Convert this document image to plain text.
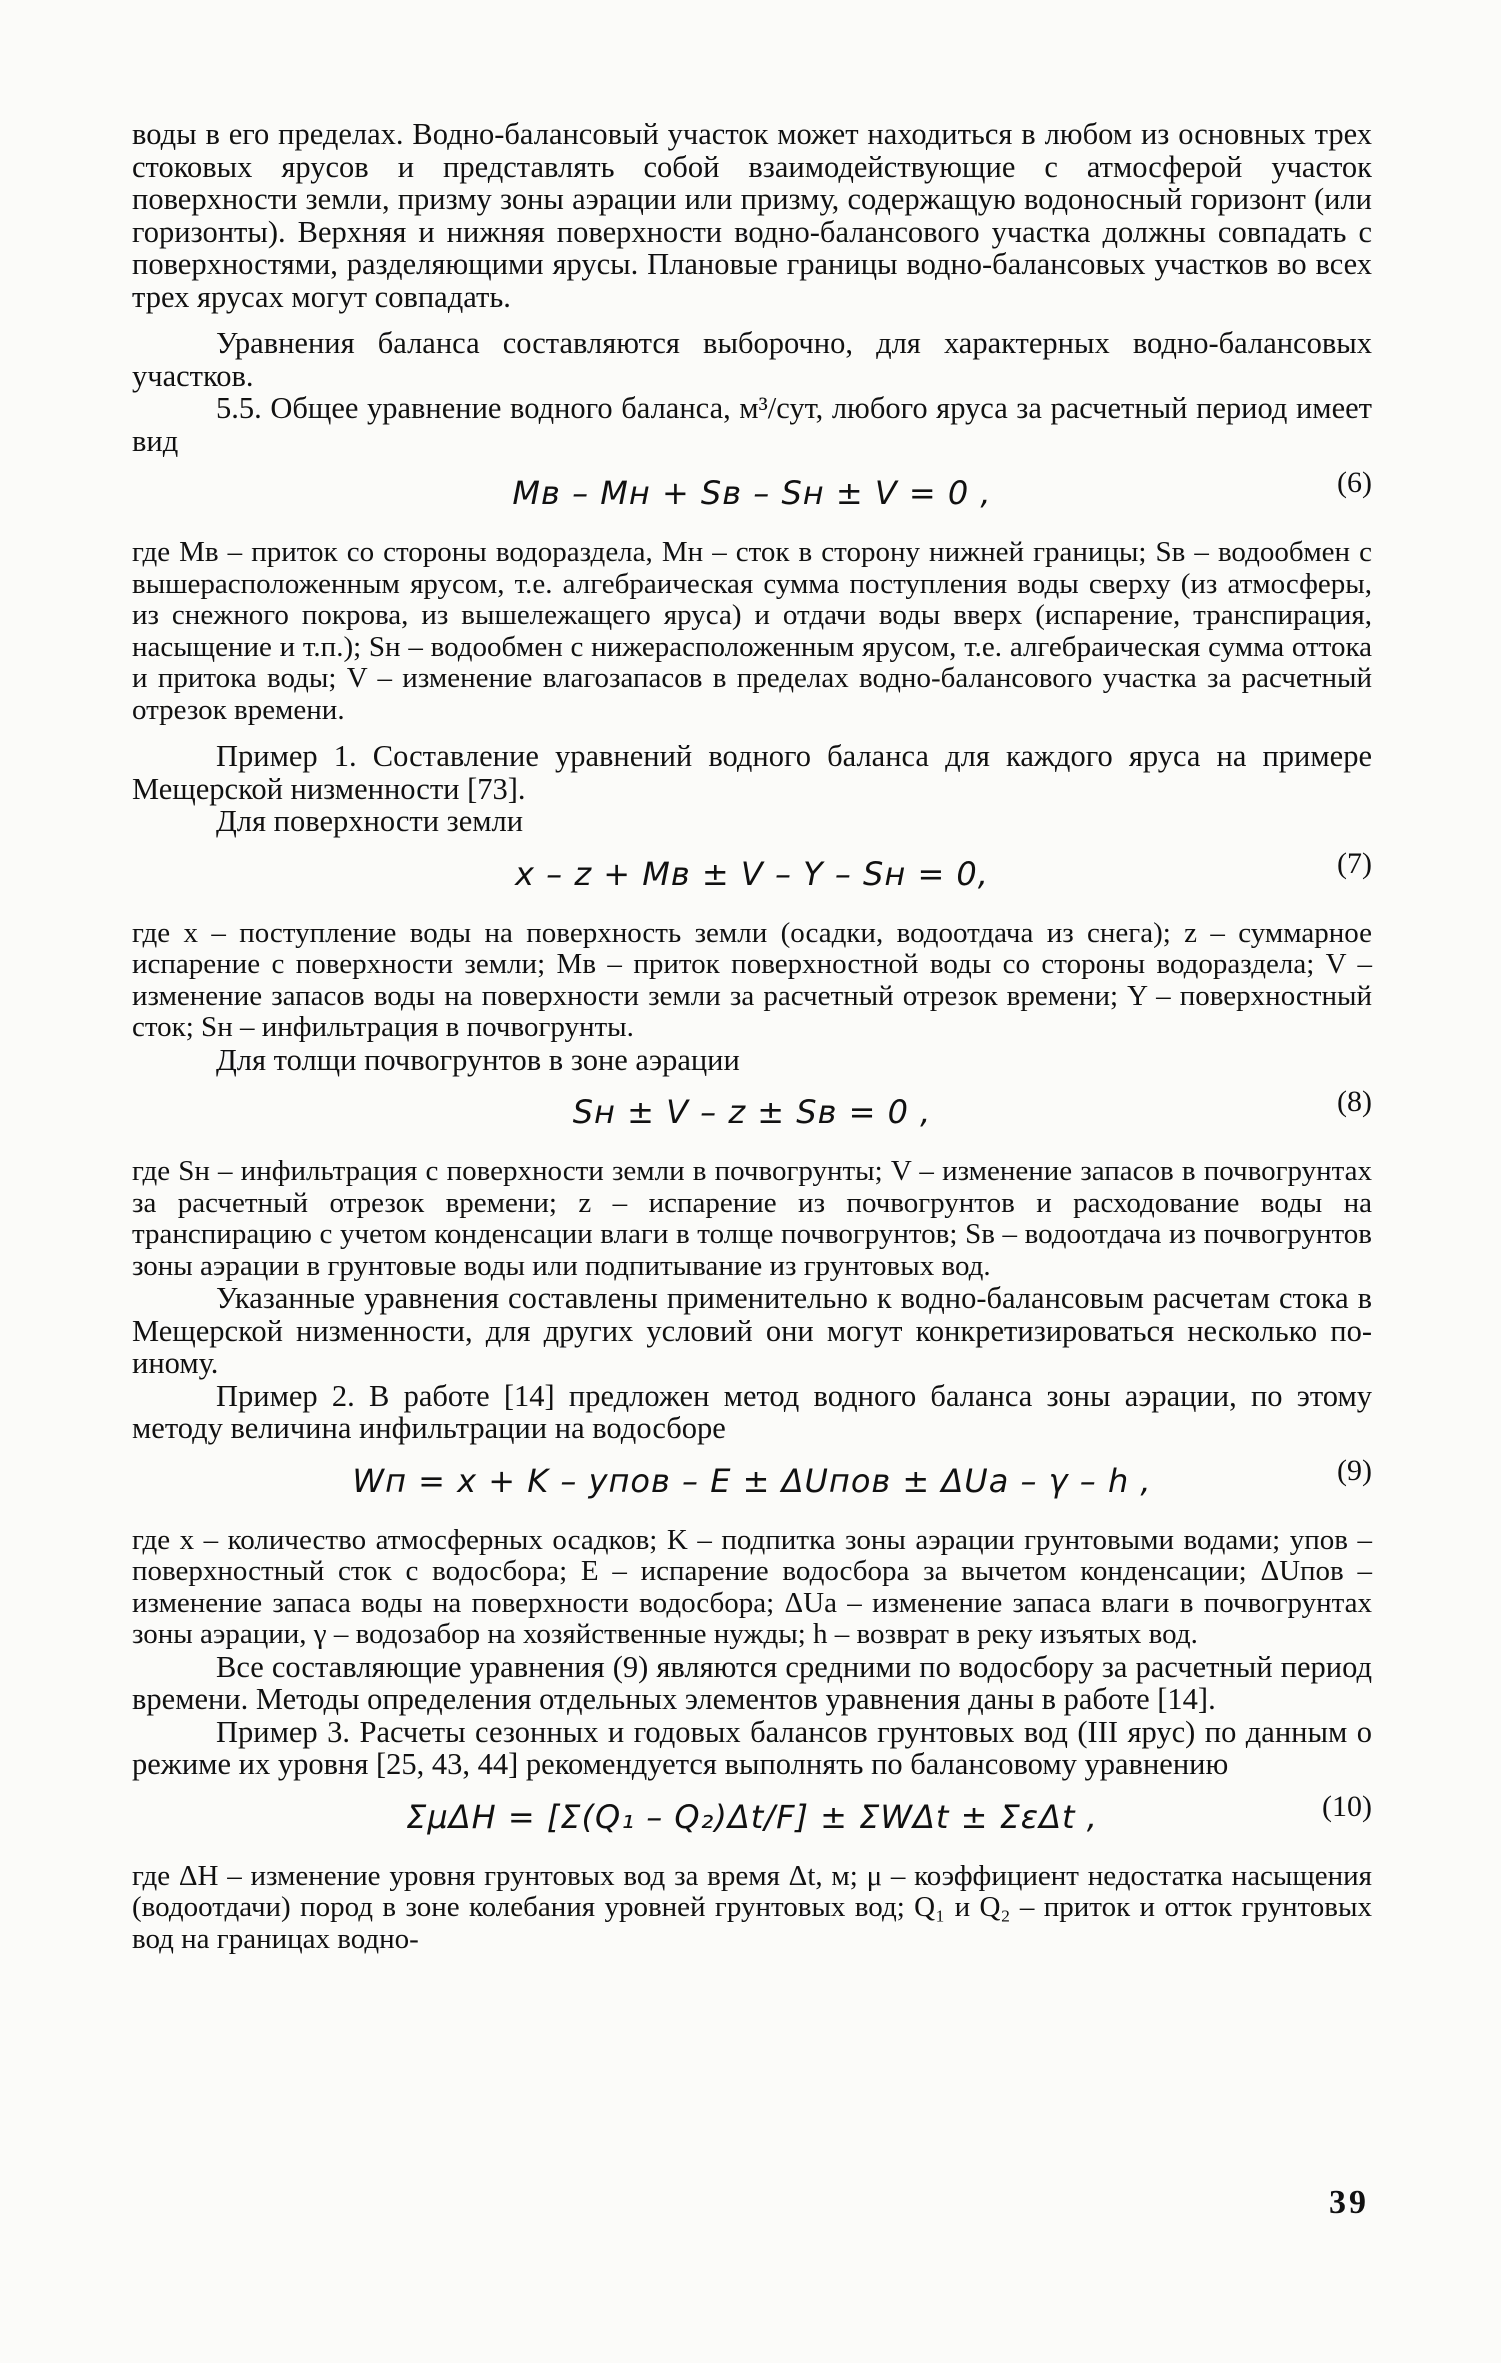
воды в его пределах. Водно-балансовый участок может находиться в любом из основных трех стоковых ярусов и представлять собой взаимодействующие с атмосферой участок поверхности земли, призму зоны аэрации или призму, содержащую водоносный горизонт (или горизонты). Верхняя и нижняя поверхности водно-балансового участка должны совпадать с поверхностями, разделяющими ярусы. Плановые границы водно-балансовых участков во всех трех ярусах могут совпадать.

Уравнения баланса составляются выборочно, для характерных водно-балансовых участков.

5.5. Общее уравнение водного баланса, м³/сут, любого яруса за расчетный период имеет вид

Mв – Mн + Sв – Sн ± V = 0 ,	(6)

где Mв – приток со стороны водораздела, Mн – сток в сторону нижней границы; Sв – водообмен с вышерасположенным ярусом, т.е. алгебраическая сумма поступления воды сверху (из атмосферы, из снежного покрова, из вышележащего яруса) и отдачи воды вверх (испарение, транспирация, насыщение и т.п.); Sн – водообмен с нижерасположенным ярусом, т.е. алгебраическая сумма оттока и притока воды; V – изменение влагозапасов в пределах водно-балансового участка за расчетный отрезок времени.

Пример 1. Составление уравнений водного баланса для каждого яруса на примере Мещерской низменности [73].

Для поверхности земли

x – z + Mв ± V – Y – Sн = 0,	(7)

где x – поступление воды на поверхность земли (осадки, водоотдача из снега); z – суммарное испарение с поверхности земли; Mв – приток поверхностной воды со стороны водораздела; V – изменение запасов воды на поверхности земли за расчетный отрезок времени; Y – поверхностный сток; Sн – инфильтрация в почвогрунты.

Для толщи почвогрунтов в зоне аэрации

Sн ± V – z ± Sв = 0 ,	(8)

где Sн – инфильтрация с поверхности земли в почвогрунты; V – изменение запасов в почвогрунтах за расчетный отрезок времени; z – испарение из почвогрунтов и расходование воды на транспирацию с учетом конденсации влаги в толще почвогрунтов; Sв – водоотдача из почвогрунтов зоны аэрации в грунтовые воды или подпитывание из грунтовых вод.

Указанные уравнения составлены применительно к водно-балансовым расчетам стока в Мещерской низменности, для других условий они могут конкретизироваться несколько по-иному.

Пример 2. В работе [14] предложен метод водного баланса зоны аэрации, по этому методу величина инфильтрации на водосборе

Wп = x + K – yпов – E ± ΔUпов ± ΔUа – γ – h ,	(9)

где x – количество атмосферных осадков; K – подпитка зоны аэрации грунтовыми водами; yпов – поверхностный сток с водосбора; E – испарение водосбора за вычетом конденсации; ΔUпов – изменение запаса воды на поверхности водосбора; ΔUа – изменение запаса влаги в почвогрунтах зоны аэрации, γ – водозабор на хозяйственные нужды; h – возврат в реку изъятых вод.

Все составляющие уравнения (9) являются средними по водосбору за расчетный период времени. Методы определения отдельных элементов уравнения даны в работе [14].

Пример 3. Расчеты сезонных и годовых балансов грунтовых вод (III ярус) по данным о режиме их уровня [25, 43, 44] рекомендуется выполнять по балансовому уравнению

ΣμΔH = [Σ(Q₁ – Q₂)Δt/F] ± ΣWΔt ± ΣεΔt ,	(10)

где ΔH – изменение уровня грунтовых вод за время Δt, м; μ – коэффициент недостатка насыщения (водоотдачи) пород в зоне колебания уровней грунтовых вод; Q₁ и Q₂ – приток и отток грунтовых вод на границах водно-

39
